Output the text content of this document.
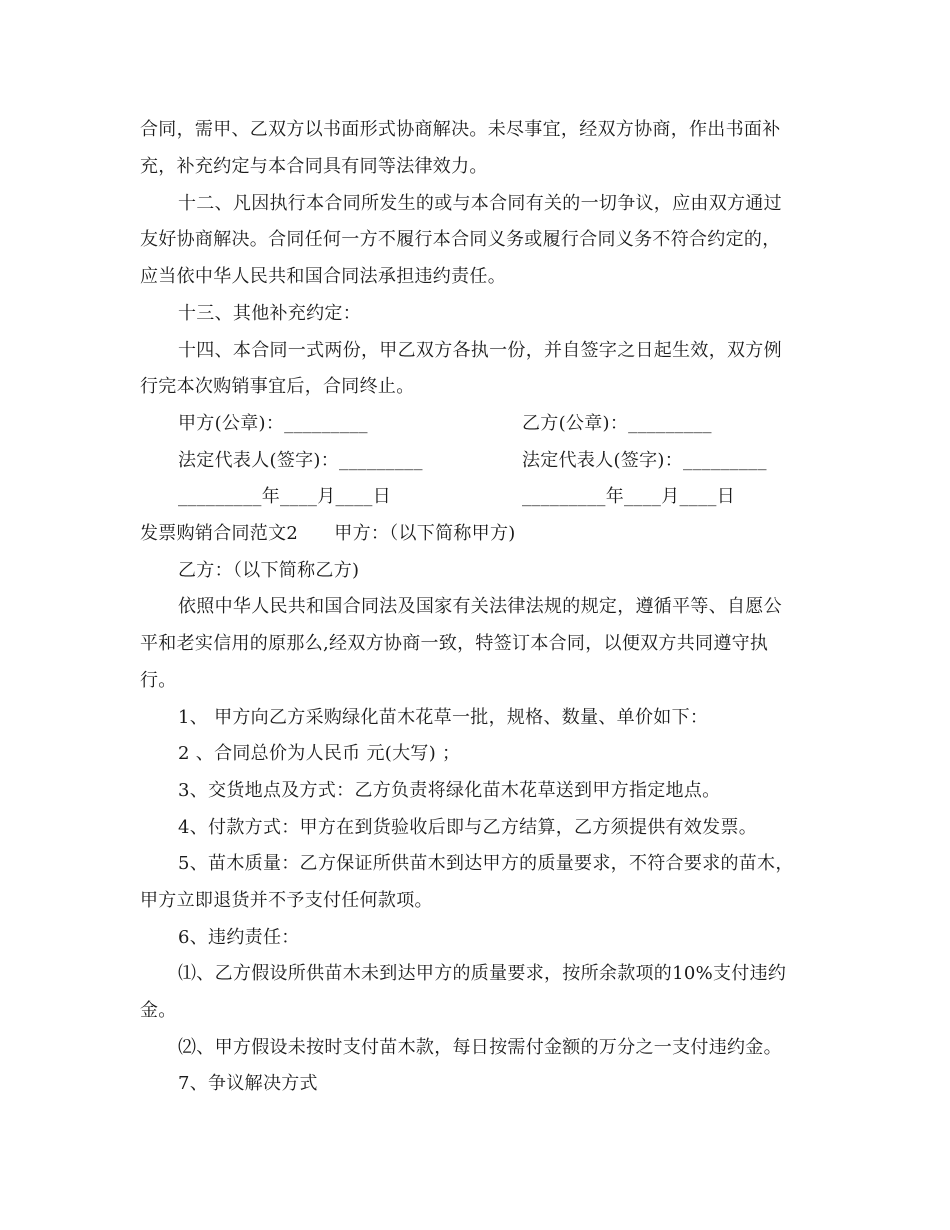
合同，需甲、乙双方以书面形式协商解决。未尽事宜，经双方协商，作出书面补
充，补充约定与本合同具有同等法律效力。
十二、凡因执行本合同所发生的或与本合同有关的一切争议，应由双方通过
友好协商解决。合同任何一方不履行本合同义务或履行合同义务不符合约定的，
应当依中华人民共和国合同法承担违约责任。
十三、其他补充约定：
十四、本合同一式两份，甲乙双方各执一份，并自签字之日起生效，双方例
行完本次购销事宜后，合同终止。
甲方(公章)：_________	乙方(公章)：_________
法定代表人(签字)：_________	法定代表人(签字)：_________
_________年____月____日	_________年____月____日
发票购销合同范文2      甲方：（以下简称甲方)
乙方：（以下简称乙方)
依照中华人民共和国合同法及国家有关法律法规的规定，遵循平等、自愿公
平和老实信用的原那么,经双方协商一致，特签订本合同，以便双方共同遵守执
行。
1、 甲方向乙方采购绿化苗木花草一批，规格、数量、单价如下：
2 、合同总价为人民币 元(大写) ；
3、交货地点及方式：乙方负责将绿化苗木花草送到甲方指定地点。
4、付款方式：甲方在到货验收后即与乙方结算，乙方须提供有效发票。
5、苗木质量：乙方保证所供苗木到达甲方的质量要求，不符合要求的苗木，
甲方立即退货并不予支付任何款项。
6、违约责任：
⑴、乙方假设所供苗木未到达甲方的质量要求，按所余款项的10%支付违约
金。
⑵、甲方假设未按时支付苗木款，每日按需付金额的万分之一支付违约金。
7、争议解决方式
